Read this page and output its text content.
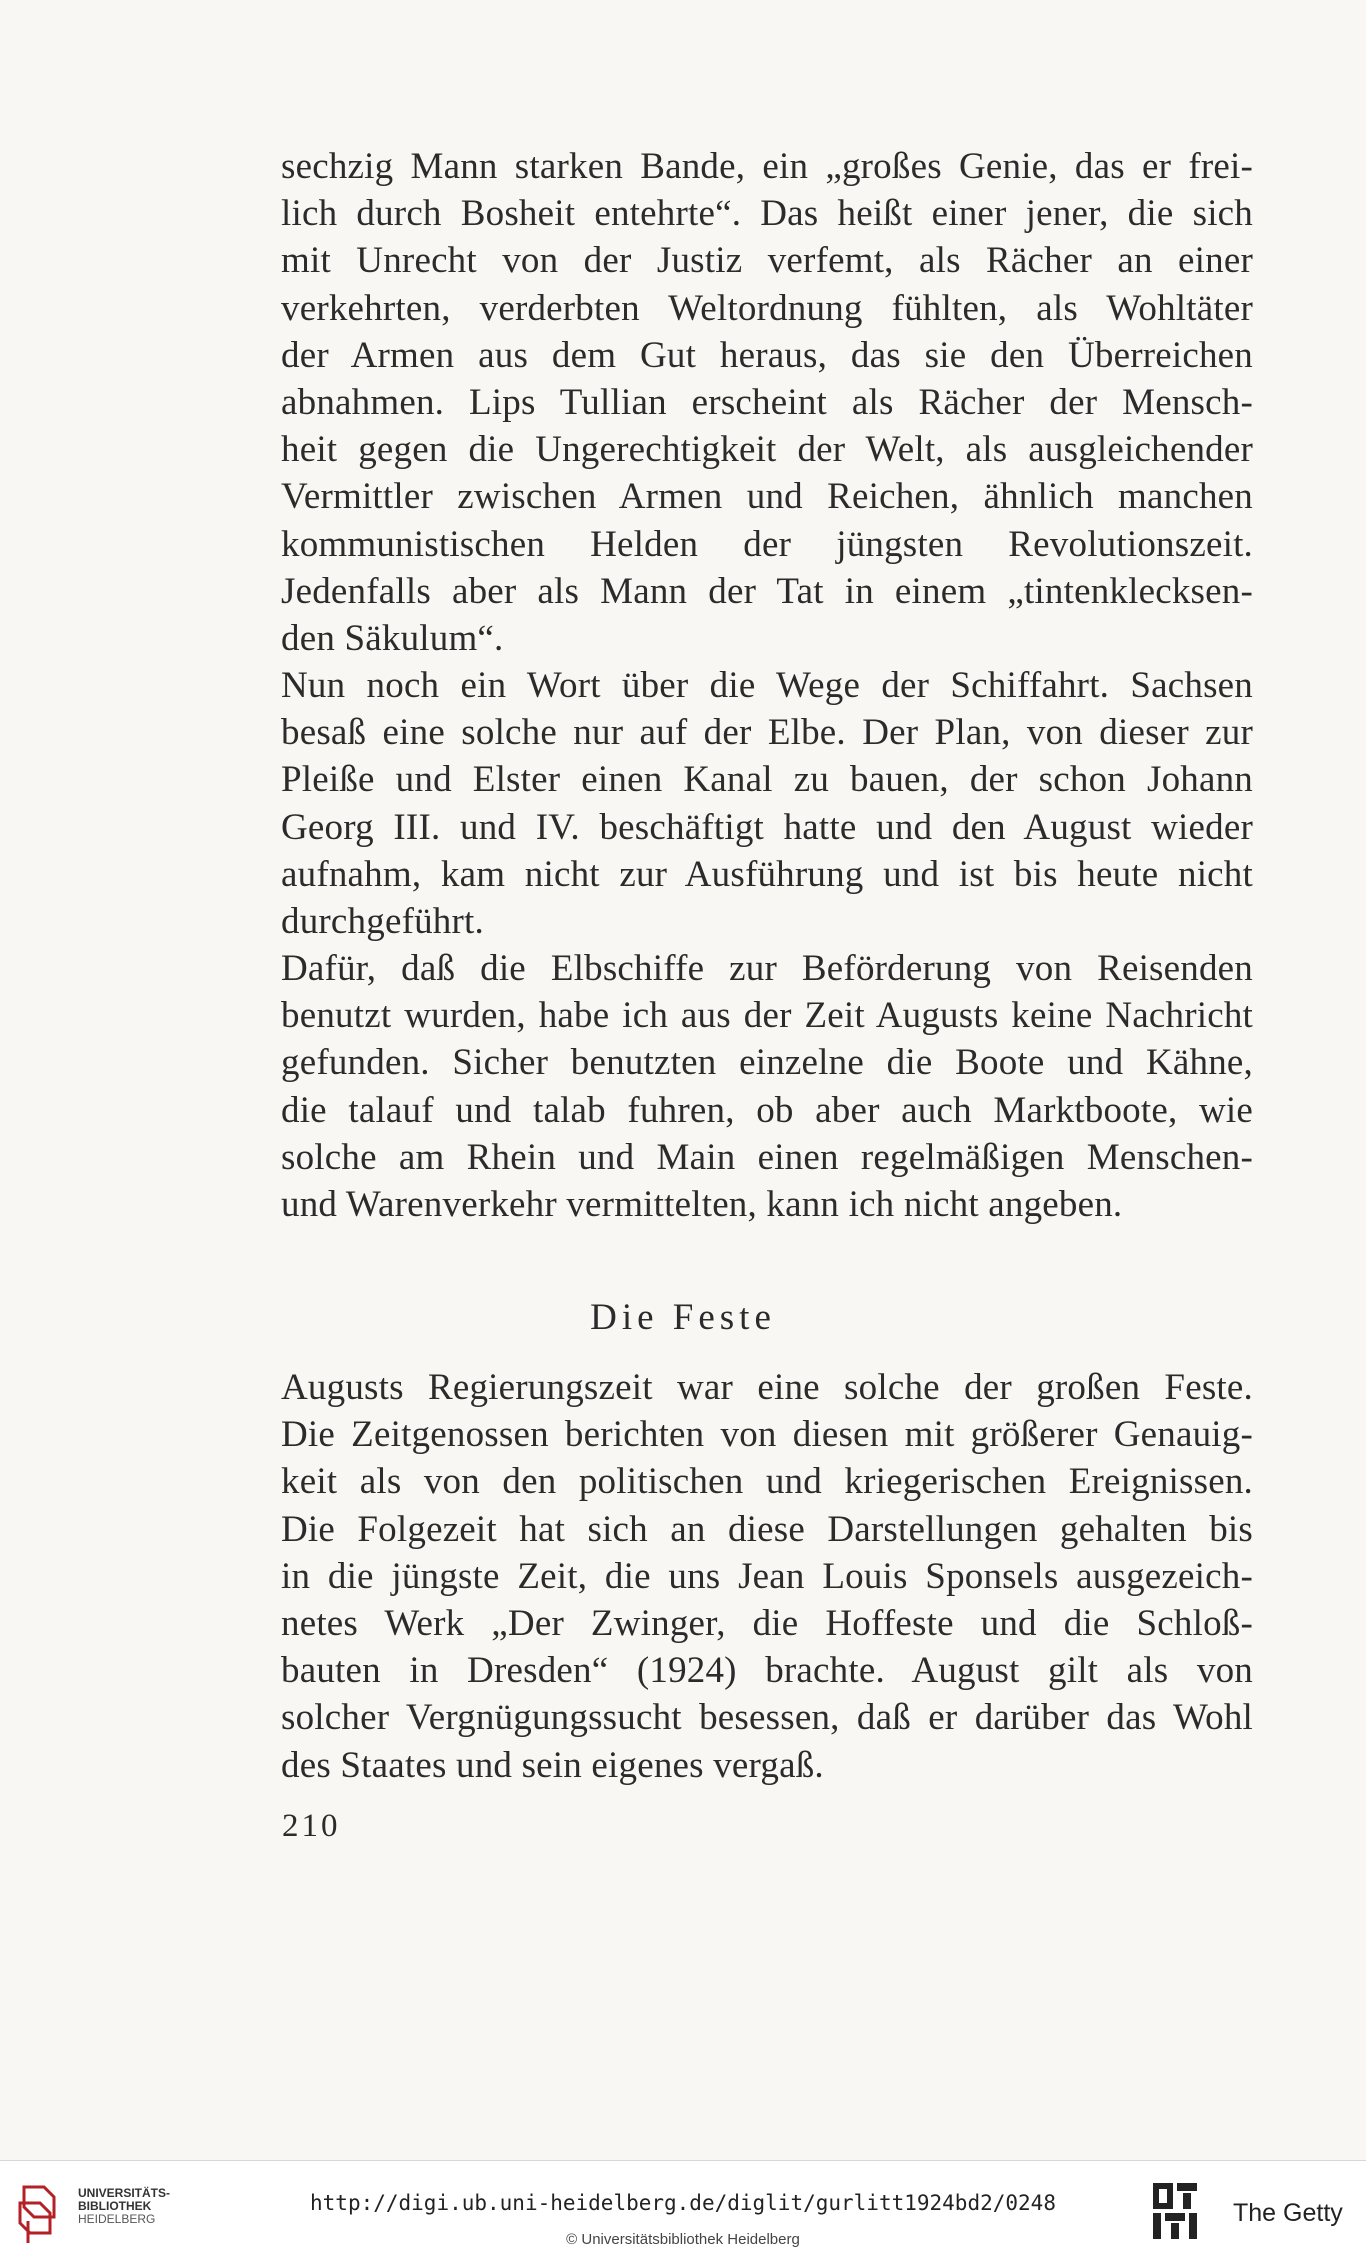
sechzig Mann starken Bande, ein „großes Genie, das er frei-
lich durch Bosheit entehrte“. Das heißt einer jener, die sich
mit Unrecht von der Justiz verfemt, als Rächer an einer
verkehrten, verderbten Weltordnung fühlten, als Wohltäter
der Armen aus dem Gut heraus, das sie den Überreichen
abnahmen. Lips Tullian erscheint als Rächer der Mensch-
heit gegen die Ungerechtigkeit der Welt, als ausgleichender
Vermittler zwischen Armen und Reichen, ähnlich manchen
kommunistischen Helden der jüngsten Revolutionszeit.
Jedenfalls aber als Mann der Tat in einem „tintenklecksen-
den Säkulum“.
Nun noch ein Wort über die Wege der Schiffahrt. Sachsen
besaß eine solche nur auf der Elbe. Der Plan, von dieser zur
Pleiße und Elster einen Kanal zu bauen, der schon Johann
Georg III. und IV. beschäftigt hatte und den August wieder
aufnahm, kam nicht zur Ausführung und ist bis heute nicht
durchgeführt.
Dafür, daß die Elbschiffe zur Beförderung von Reisenden
benutzt wurden, habe ich aus der Zeit Augusts keine Nachricht
gefunden. Sicher benutzten einzelne die Boote und Kähne,
die talauf und talab fuhren, ob aber auch Marktboote, wie
solche am Rhein und Main einen regelmäßigen Menschen-
und Warenverkehr vermittelten, kann ich nicht angeben.
Die Feste
Augusts Regierungszeit war eine solche der großen Feste.
Die Zeitgenossen berichten von diesen mit größerer Genauig-
keit als von den politischen und kriegerischen Ereignissen.
Die Folgezeit hat sich an diese Darstellungen gehalten bis
in die jüngste Zeit, die uns Jean Louis Sponsels ausgezeich-
netes Werk „Der Zwinger, die Hoffeste und die Schloß-
bauten in Dresden“ (1924) brachte. August gilt als von
solcher Vergnügungssucht besessen, daß er darüber das Wohl
des Staates und sein eigenes vergaß.
210
UNIVERSITÄTS-
BIBLIOTHEK
HEIDELBERG
http://digi.ub.uni-heidelberg.de/diglit/gurlitt1924bd2/0248
© Universitätsbibliothek Heidelberg
The Getty
